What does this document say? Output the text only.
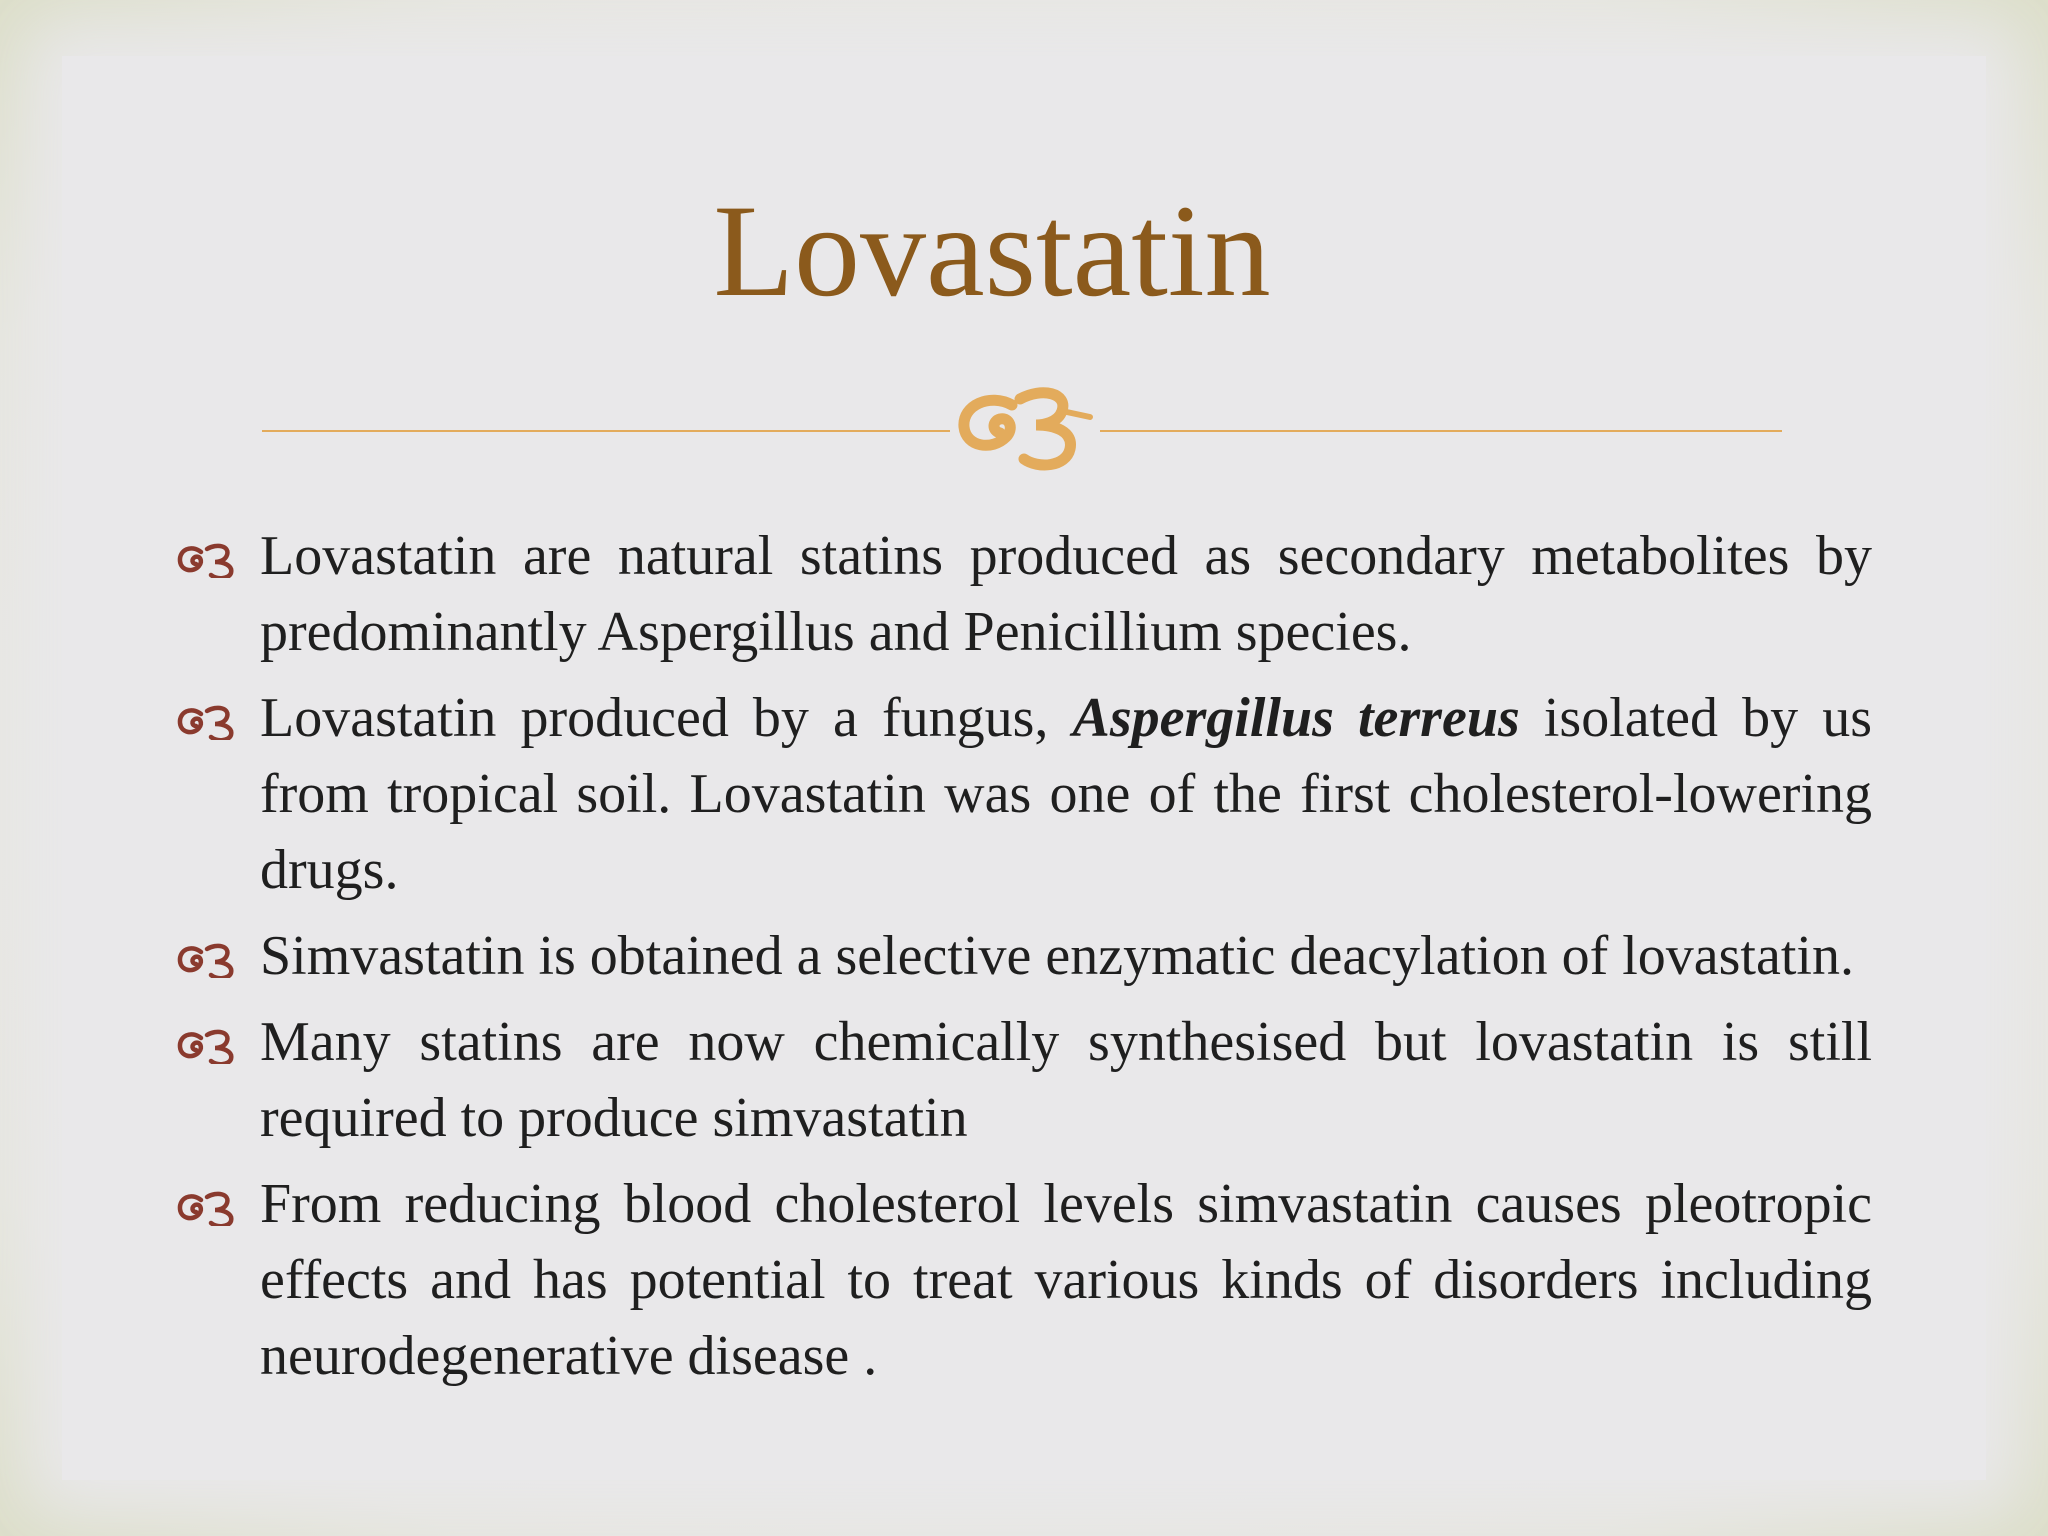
Lovastatin
Lovastatin are natural statins produced as secondary metabolites by predominantly Aspergillus and Penicillium species.
Lovastatin produced by a fungus, Aspergillus terreus isolated by us from tropical soil. Lovastatin was one of the first cholesterol-lowering drugs.
Simvastatin is obtained a selective enzymatic deacylation of lovastatin.
Many statins are now chemically synthesised but lovastatin is still required to produce simvastatin
From reducing blood cholesterol levels simvastatin causes pleotropic effects and has potential to treat various kinds of disorders including neurodegenerative disease .
